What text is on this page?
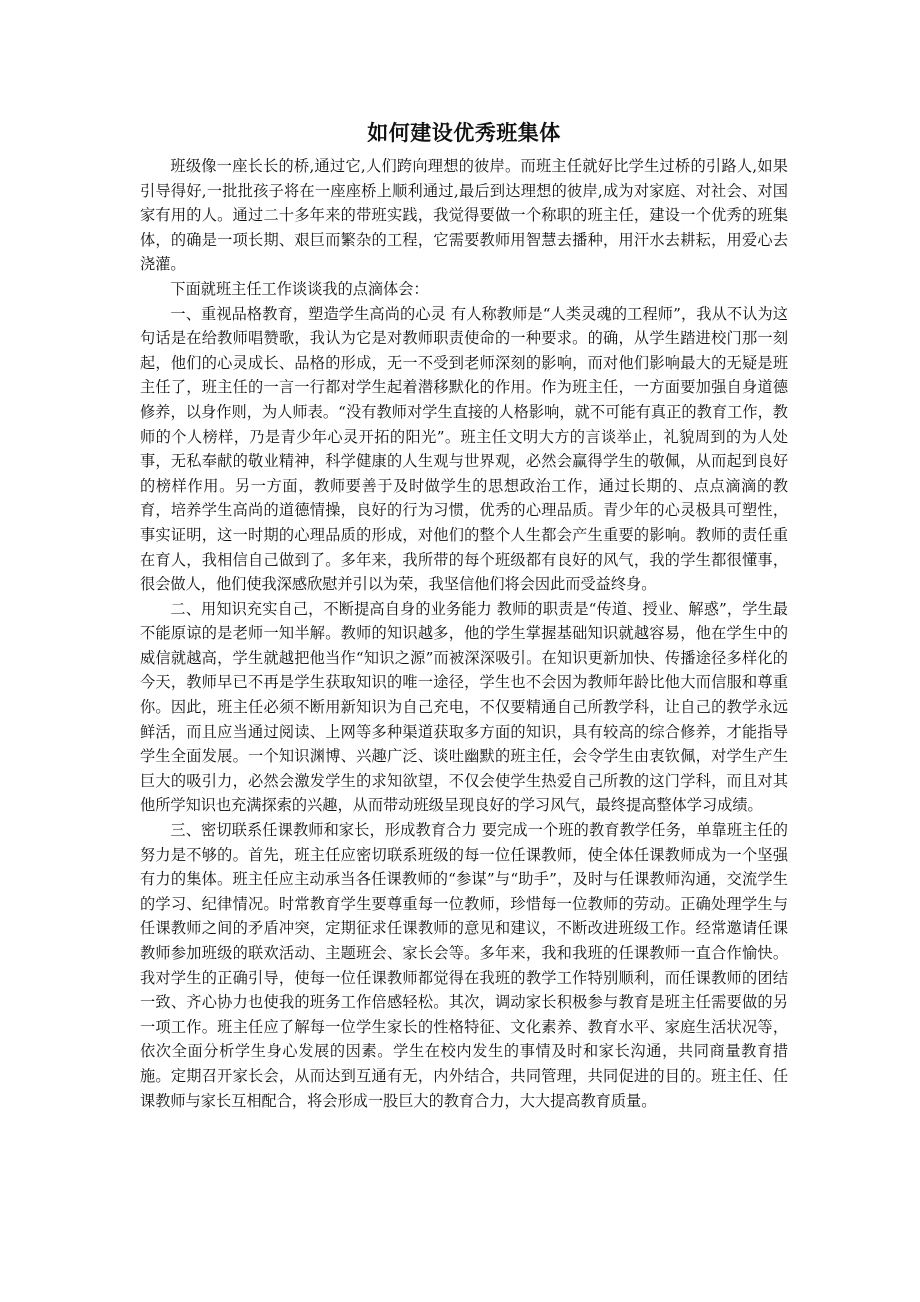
如何建设优秀班集体

班级像一座长长的桥,通过它,人们跨向理想的彼岸。而班主任就好比学生过桥的引路人,如果引导得好,一批批孩子将在一座座桥上顺利通过,最后到达理想的彼岸,成为对家庭、对社会、对国家有用的人。通过二十多年来的带班实践，我觉得要做一个称职的班主任，建设一个优秀的班集体，的确是一项长期、艰巨而繁杂的工程，它需要教师用智慧去播种，用汗水去耕耘，用爱心去浇灌。

下面就班主任工作谈谈我的点滴体会：

一、重视品格教育，塑造学生高尚的心灵 有人称教师是“人类灵魂的工程师”，我从不认为这句话是在给教师唱赞歌，我认为它是对教师职责使命的一种要求。的确，从学生踏进校门那一刻起，他们的心灵成长、品格的形成，无一不受到老师深刻的影响，而对他们影响最大的无疑是班主任了，班主任的一言一行都对学生起着潜移默化的作用。作为班主任，一方面要加强自身道德修养，以身作则，为人师表。“没有教师对学生直接的人格影响，就不可能有真正的教育工作，教师的个人榜样，乃是青少年心灵开拓的阳光”。班主任文明大方的言谈举止，礼貌周到的为人处事，无私奉献的敬业精神，科学健康的人生观与世界观，必然会赢得学生的敬佩，从而起到良好的榜样作用。另一方面，教师要善于及时做学生的思想政治工作，通过长期的、点点滴滴的教育，培养学生高尚的道德情操，良好的行为习惯，优秀的心理品质。青少年的心灵极具可塑性，事实证明，这一时期的心理品质的形成，对他们的整个人生都会产生重要的影响。教师的责任重在育人，我相信自己做到了。多年来，我所带的每个班级都有良好的风气，我的学生都很懂事，很会做人，他们使我深感欣慰并引以为荣，我坚信他们将会因此而受益终身。

二、用知识充实自己，不断提高自身的业务能力 教师的职责是“传道、授业、解惑”，学生最不能原谅的是老师一知半解。教师的知识越多，他的学生掌握基础知识就越容易，他在学生中的威信就越高，学生就越把他当作“知识之源”而被深深吸引。在知识更新加快、传播途径多样化的今天，教师早已不再是学生获取知识的唯一途径，学生也不会因为教师年龄比他大而信服和尊重你。因此，班主任必须不断用新知识为自己充电，不仅要精通自己所教学科，让自己的教学永远鲜活，而且应当通过阅读、上网等多种渠道获取多方面的知识，具有较高的综合修养，才能指导学生全面发展。一个知识渊博、兴趣广泛、谈吐幽默的班主任，会令学生由衷钦佩，对学生产生巨大的吸引力，必然会激发学生的求知欲望，不仅会使学生热爱自己所教的这门学科，而且对其他所学知识也充满探索的兴趣，从而带动班级呈现良好的学习风气，最终提高整体学习成绩。

三、密切联系任课教师和家长，形成教育合力 要完成一个班的教育教学任务，单靠班主任的努力是不够的。首先，班主任应密切联系班级的每一位任课教师，使全体任课教师成为一个坚强有力的集体。班主任应主动承当各任课教师的“参谋”与“助手”，及时与任课教师沟通，交流学生的学习、纪律情况。时常教育学生要尊重每一位教师，珍惜每一位教师的劳动。正确处理学生与任课教师之间的矛盾冲突，定期征求任课教师的意见和建议，不断改进班级工作。经常邀请任课教师参加班级的联欢活动、主题班会、家长会等。多年来，我和我班的任课教师一直合作愉快。我对学生的正确引导，使每一位任课教师都觉得在我班的教学工作特别顺利，而任课教师的团结一致、齐心协力也使我的班务工作倍感轻松。其次，调动家长积极参与教育是班主任需要做的另一项工作。班主任应了解每一位学生家长的性格特征、文化素养、教育水平、家庭生活状况等，依次全面分析学生身心发展的因素。学生在校内发生的事情及时和家长沟通，共同商量教育措施。定期召开家长会，从而达到互通有无，内外结合，共同管理，共同促进的目的。班主任、任课教师与家长互相配合，将会形成一股巨大的教育合力，大大提高教育质量。
